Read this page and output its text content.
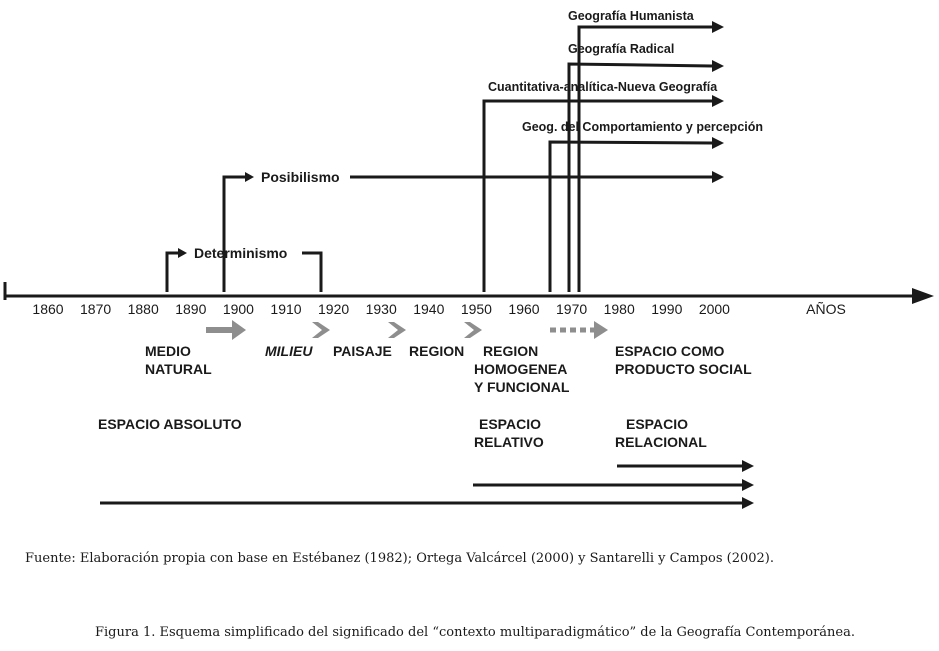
1860 1870 1880 1890 1900 1910 1920 1930 1940 1950 1960 1970 1980 1990 2000	AÑOS
Determinismo
Posibilismo
Cuantitativa-analítica-Nueva Geografía
Geog. del Comportamiento y percepción
Geografía Radical
Geografía Humanista
MEDIO
NATURAL
MILIEU PAISAJE REGION REGION
HOMOGENEA
Y FUNCIONAL
ESPACIO COMO
PRODUCTO SOCIAL
ESPACIO ABSOLUTO	ESPACIO
RELATIVO
ESPACIO
RELACIONAL
Fuente: Elaboración propia con base en Estébanez (1982); Ortega Valcárcel (2000) y Santarelli y Campos (2002).
Figura 1. Esquema simplificado del significado del “contexto multiparadigmático” de la Geografía Contemporánea.
